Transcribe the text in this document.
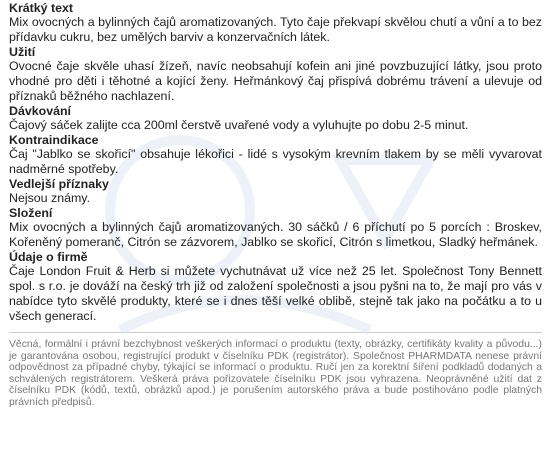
Krátký text

Mix ovocných a bylinných čajů aromatizovaných. Tyto čaje překvapí skvělou chutí a vůní a to bez přídavku cukru, bez umělých barviv a konzervačních látek.

Užití

Ovocné čaje skvěle uhasí žízeň, navíc neobsahují kofein ani jiné povzbuzující látky, jsou proto vhodné pro děti i těhotné a kojící ženy. Heřmánkový čaj přispívá dobrému trávení a ulevuje od příznaků běžného nachlazení.

Dávkování

Čajový sáček zalijte cca 200ml čerstvě uvařené vody a vyluhujte po dobu 2-5 minut.

Kontraindikace

Čaj "Jablko se skořicí" obsahuje lékořici - lidé s vysokým krevním tlakem by se měli vyvarovat nadměrné spotřeby.

Vedlejší příznaky

Nejsou známy.

Složení

Mix ovocných a bylinných čajů aromatizovaných. 30 sáčků / 6 příchutí po 5 porcích : Broskev, Kořeněný pomeranč, Citrón se zázvorem, Jablko se skořicí, Citrón s limetkou, Sladký heřmánek.

Údaje o firmě

Čaje London Fruit & Herb si můžete vychutnávat už více než 25 let. Společnost Tony Bennett spol. s r.o. je dováží na český trh již od založení společnosti a jsou pyšni na to, že mají pro vás v nabídce tyto skvělé produkty, které se i dnes těší velké oblibě, stejně tak jako na počátku a to u všech generací.

Věcná, formální i právní bezchybnost veškerých informací o produktu (texty, obrázky, certifikáty kvality a původu...) je garantována osobou, registrující produkt v číselníku PDK (registrátor). Společnost PHARMDATA nenese právní odpovědnost za případné chyby, týkající se informací o produktu. Ručí jen za korektní šíření podkladů dodaných a schválených registrátorem. Veškerá práva pořizovatele číselníku PDK jsou vyhrazena. Neoprávněné užití dat z číselníku PDK (kódů, textů, obrázků apod.) je porušením autorského práva a bude postihováno podle platných právních předpisů.
